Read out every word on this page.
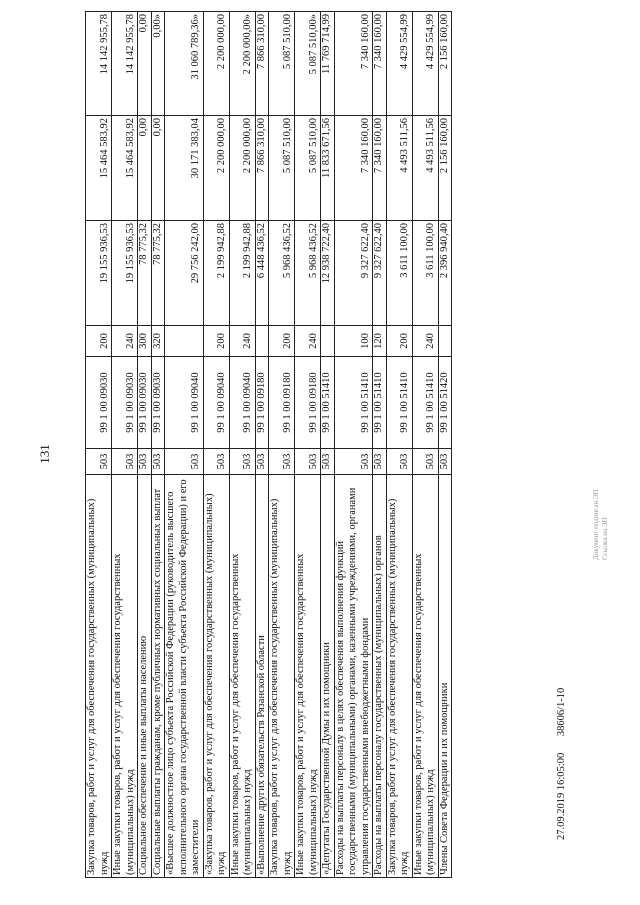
131
Закупка товаров, работ и услуг для обеспечения государственных (муниципальных) нужд	503	99 1 00 09030	200	19 155 936,53	15 464 583,92	14 142 955,78
Иные закупки товаров, работ и услуг для обеспечения государственных (муниципальных) нужд	503	99 1 00 09030	240	19 155 936,53	15 464 583,92	14 142 955,78
Социальное обеспечение и иные выплаты населению	503	99 1 00 09030	300	78 775,32	0,00	0,00
Социальные выплаты гражданам, кроме публичных нормативных социальных выплат	503	99 1 00 09030	320	78 775,32	0,00	0,00»
«Высшее должностное лицо субъекта Российской Федерации (руководитель высшего исполнительного органа государственной власти субъекта Российской Федерации) и его заместители	503	99 1 00 09040		29 756 242,00	30 171 383,04	31 060 789,36»
«Закупка товаров, работ и услуг для обеспечения государственных (муниципальных) нужд	503	99 1 00 09040	200	2 199 942,88	2 200 000,00	2 200 000,00
Иные закупки товаров, работ и услуг для обеспечения государственных (муниципальных) нужд	503	99 1 00 09040	240	2 199 942,88	2 200 000,00	2 200 000,00»
«Выполнение других обязательств Рязанской области	503	99 1 00 09180		6 448 436,52	7 866 310,00	7 866 310,00
Закупка товаров, работ и услуг для обеспечения государственных (муниципальных) нужд	503	99 1 00 09180	200	5 968 436,52	5 087 510,00	5 087 510,00
Иные закупки товаров, работ и услуг для обеспечения государственных (муниципальных) нужд	503	99 1 00 09180	240	5 968 436,52	5 087 510,00	5 087 510,00»
«Депутаты Государственной Думы и их помощники	503	99 1 00 51410		12 938 722,40	11 833 671,56	11 769 714,99
Расходы на выплаты персоналу в целях обеспечения выполнения функций государственными (муниципальными) органами, казенными учреждениями, органами управления государственными внебюджетными фондами	503	99 1 00 51410	100	9 327 622,40	7 340 160,00	7 340 160,00
Расходы на выплаты персоналу государственных (муниципальных) органов	503	99 1 00 51410	120	9 327 622,40	7 340 160,00	7 340 160,00
Закупка товаров, работ и услуг для обеспечения государственных (муниципальных) нужд	503	99 1 00 51410	200	3 611 100,00	4 493 511,56	4 429 554,99
Иные закупки товаров, работ и услуг для обеспечения государственных (муниципальных) нужд	503	99 1 00 51410	240	3 611 100,00	4 493 511,56	4 429 554,99
Члены Совета Федерации и их помощники	503	99 1 00 51420		2 396 940,40	2 156 160,00	2 156 160,00
27.09.2019 16:05:00 38606/1-10
Документ подписан ЭП Ссылка на ЭП
